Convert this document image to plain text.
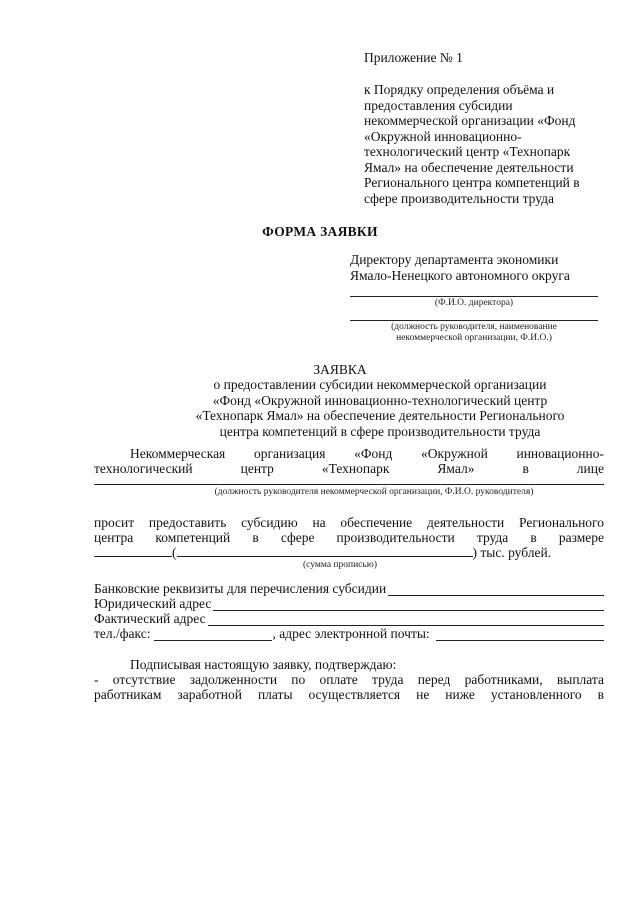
Приложение № 1
к Порядку определения объёма и
предоставления субсидии
некоммерческой организации «Фонд
«Окружной инновационно-
технологический центр «Технопарк
Ямал» на обеспечение деятельности
Регионального центра компетенций в
сфере производительности труда
ФОРМА ЗАЯВКИ
Директору департамента экономики
Ямало-Ненецкого автономного округа
(Ф.И.О. директора)
(должность руководителя, наименование
некоммерческой организации, Ф.И.О.)
ЗАЯВКА
о предоставлении субсидии некоммерческой организации
«Фонд «Окружной инновационно-технологический центр
«Технопарк Ямал» на обеспечение деятельности Регионального
центра компетенций в сфере производительности труда
Некоммерческая организация «Фонд «Окружной инновационно-
технологический центр «Технопарк Ямал» в лице
(должность руководителя некоммерческой организации, Ф.И.О. руководителя)
просит предоставить субсидию на обеспечение деятельности Регионального
центра компетенций в сфере производительности труда в размере
(	) тыс. рублей.
(сумма прописью)
Банковские реквизиты для перечисления субсидии
Юридический адрес
Фактический адрес
тел./факс:	, адрес электронной почты:
Подписывая настоящую заявку, подтверждаю:
- отсутствие задолженности по оплате труда перед работниками, выплата
работникам заработной платы осуществляется не ниже установленного в
